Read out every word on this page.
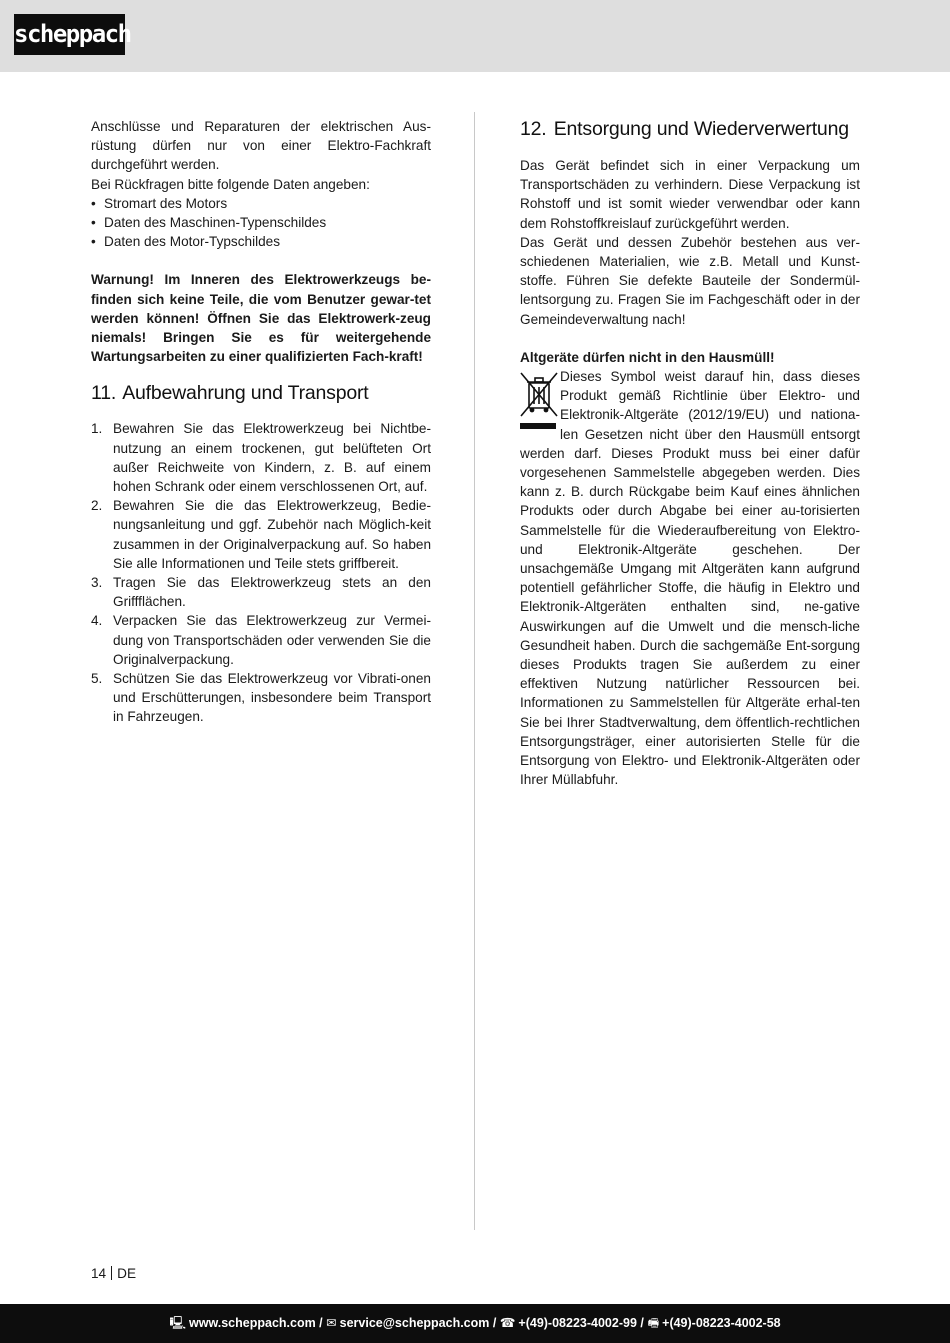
scheppach

Anschlüsse und Reparaturen der elektrischen Aus-rüstung dürfen nur von einer Elektro-Fachkraft durchgeführt werden.

Bei Rückfragen bitte folgende Daten angeben:

• Stromart des Motors
• Daten des Maschinen-Typenschildes
• Daten des Motor-Typschildes

Warnung! Im Inneren des Elektrowerkzeugs be-finden sich keine Teile, die vom Benutzer gewar-tet werden können! Öffnen Sie das Elektrowerk-zeug niemals! Bringen Sie es für weitergehende Wartungsarbeiten zu einer qualifizierten Fach-kraft!

11. Aufbewahrung und Transport
1. Bewahren Sie das Elektrowerkzeug bei Nichtbe-nutzung an einem trockenen, gut belüfteten Ort außer Reichweite von Kindern, z. B. auf einem hohen Schrank oder einem verschlossenen Ort, auf.
2. Bewahren Sie die das Elektrowerkzeug, Bedie-nungsanleitung und ggf. Zubehör nach Möglich-keit zusammen in der Originalverpackung auf. So haben Sie alle Informationen und Teile stets griffbereit.
3. Tragen Sie das Elektrowerkzeug stets an den Griffflächen.
4. Verpacken Sie das Elektrowerkzeug zur Vermei-dung von Transportschäden oder verwenden Sie die Originalverpackung.
5. Schützen Sie das Elektrowerkzeug vor Vibrati-onen und Erschütterungen, insbesondere beim Transport in Fahrzeugen.
12. Entsorgung und Wiederverwertung

Das Gerät befindet sich in einer Verpackung um Transportschäden zu verhindern. Diese Verpackung ist Rohstoff und ist somit wieder verwendbar oder kann dem Rohstoffkreislauf zurückgeführt werden.

Das Gerät und dessen Zubehör bestehen aus ver-schiedenen Materialien, wie z.B. Metall und Kunst-stoffe. Führen Sie defekte Bauteile der Sondermül-lentsorgung zu. Fragen Sie im Fachgeschäft oder in der Gemeindeverwaltung nach!

Altgeräte dürfen nicht in den Hausmüll!

Dieses Symbol weist darauf hin, dass dieses Produkt gemäß Richtlinie über Elektro- und Elektronik-Altgeräte (2012/19/EU) und nationa-len Gesetzen nicht über den Hausmüll entsorgt werden darf. Dieses Produkt muss bei einer dafür vorgesehenen Sammelstelle abgegeben werden. Dies kann z. B. durch Rückgabe beim Kauf eines ähnlichen Produkts oder durch Abgabe bei einer au-torisierten Sammelstelle für die Wiederaufbereitung von Elektro- und Elektronik-Altgeräte geschehen. Der unsachgemäße Umgang mit Altgeräten kann aufgrund potentiell gefährlicher Stoffe, die häufig in Elektro und Elektronik-Altgeräten enthalten sind, ne-gative Auswirkungen auf die Umwelt und die mensch-liche Gesundheit haben. Durch die sachgemäße Ent-sorgung dieses Produkts tragen Sie außerdem zu einer effektiven Nutzung natürlicher Ressourcen bei. Informationen zu Sammelstellen für Altgeräte erhal-ten Sie bei Ihrer Stadtverwaltung, dem öffentlich-rechtlichen Entsorgungsträger, einer autorisierten Stelle für die Entsorgung von Elektro- und Elektronik-Altgeräten oder Ihrer Müllabfuhr.

14 DE
🖳 www.scheppach.com / ✉ service@scheppach.com / ☎ +(49)-08223-4002-99 / 🖷 +(49)-08223-4002-58
